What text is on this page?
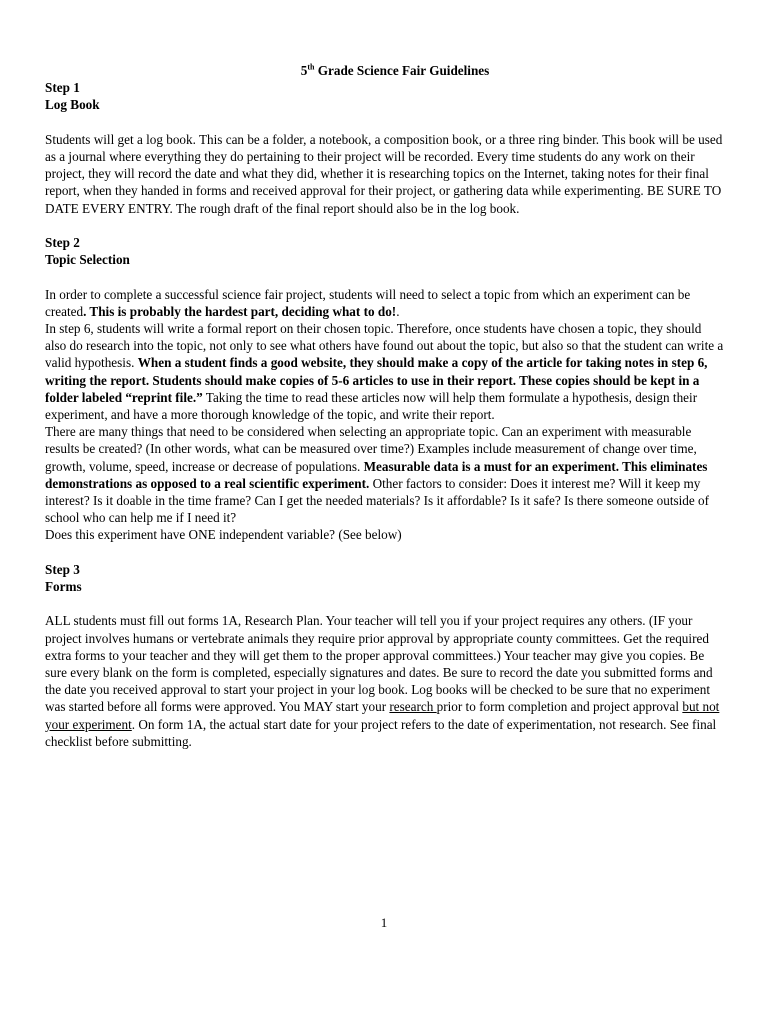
5th Grade Science Fair Guidelines
Step 1
Log Book

Students will get a log book. This can be a folder, a notebook, a composition book, or a three ring binder. This book will be used as a journal where everything they do pertaining to their project will be recorded. Every time students do any work on their project, they will record the date and what they did, whether it is researching topics on the Internet, taking notes for their final report, when they handed in forms and received approval for their project, or gathering data while experimenting. BE SURE TO DATE EVERY ENTRY. The rough draft of the final report should also be in the log book.

Step 2
Topic Selection

In order to complete a successful science fair project, students will need to select a topic from which an experiment can be created. This is probably the hardest part, deciding what to do!.

In step 6, students will write a formal report on their chosen topic. Therefore, once students have chosen a topic, they should also do research into the topic, not only to see what others have found out about the topic, but also so that the student can write a valid hypothesis. When a student finds a good website, they should make a copy of the article for taking notes in step 6, writing the report. Students should make copies of 5-6 articles to use in their report. These copies should be kept in a folder labeled “reprint file.” Taking the time to read these articles now will help them formulate a hypothesis, design their experiment, and have a more thorough knowledge of the topic, and write their report.

There are many things that need to be considered when selecting an appropriate topic. Can an experiment with measurable results be created? (In other words, what can be measured over time?) Examples include measurement of change over time, growth, volume, speed, increase or decrease of populations. Measurable data is a must for an experiment. This eliminates demonstrations as opposed to a real scientific experiment. Other factors to consider: Does it interest me? Will it keep my interest? Is it doable in the time frame? Can I get the needed materials? Is it affordable? Is it safe? Is there someone outside of school who can help me if I need it?

Does this experiment have ONE independent variable? (See below)

Step 3
Forms

ALL students must fill out forms 1A, Research Plan. Your teacher will tell you if your project requires any others. (IF your project involves humans or vertebrate animals they require prior approval by appropriate county committees. Get the required extra forms to your teacher and they will get them to the proper approval committees.) Your teacher may give you copies. Be sure every blank on the form is completed, especially signatures and dates. Be sure to record the date you submitted forms and the date you received approval to start your project in your log book. Log books will be checked to be sure that no experiment was started before all forms were approved. You MAY start your research prior to form completion and project approval but not your experiment. On form 1A, the actual start date for your project refers to the date of experimentation, not research. See final checklist before submitting.

1
